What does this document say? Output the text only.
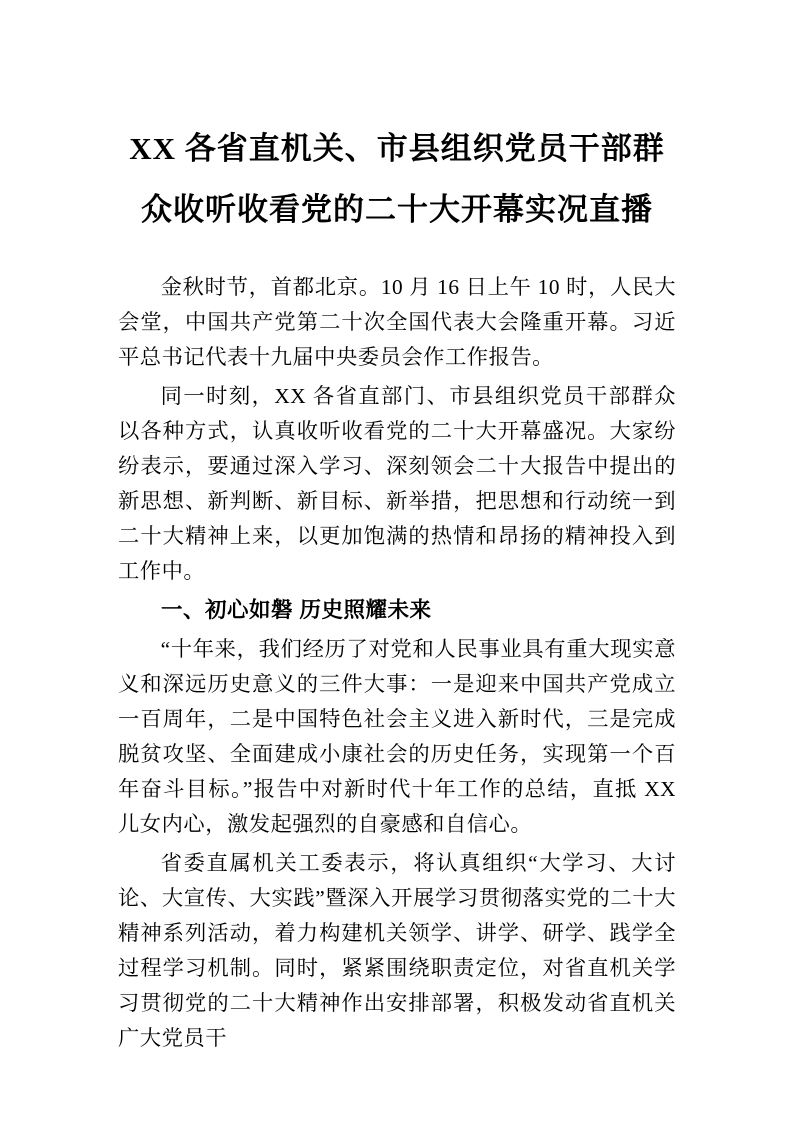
XX 各省直机关、市县组织党员干部群众收听收看党的二十大开幕实况直播

金秋时节，首都北京。10 月 16 日上午 10 时，人民大会堂，中国共产党第二十次全国代表大会隆重开幕。习近平总书记代表十九届中央委员会作工作报告。

同一时刻，XX 各省直部门、市县组织党员干部群众以各种方式，认真收听收看党的二十大开幕盛况。大家纷纷表示，要通过深入学习、深刻领会二十大报告中提出的新思想、新判断、新目标、新举措，把思想和行动统一到二十大精神上来，以更加饱满的热情和昂扬的精神投入到工作中。

一、初心如磐 历史照耀未来

“十年来，我们经历了对党和人民事业具有重大现实意义和深远历史意义的三件大事：一是迎来中国共产党成立一百周年，二是中国特色社会主义进入新时代，三是完成脱贫攻坚、全面建成小康社会的历史任务，实现第一个百年奋斗目标。”报告中对新时代十年工作的总结，直抵 XX 儿女内心，激发起强烈的自豪感和自信心。

省委直属机关工委表示，将认真组织“大学习、大讨论、大宣传、大实践”暨深入开展学习贯彻落实党的二十大精神系列活动，着力构建机关领学、讲学、研学、践学全过程学习机制。同时，紧紧围绕职责定位，对省直机关学习贯彻党的二十大精神作出安排部署，积极发动省直机关广大党员干
